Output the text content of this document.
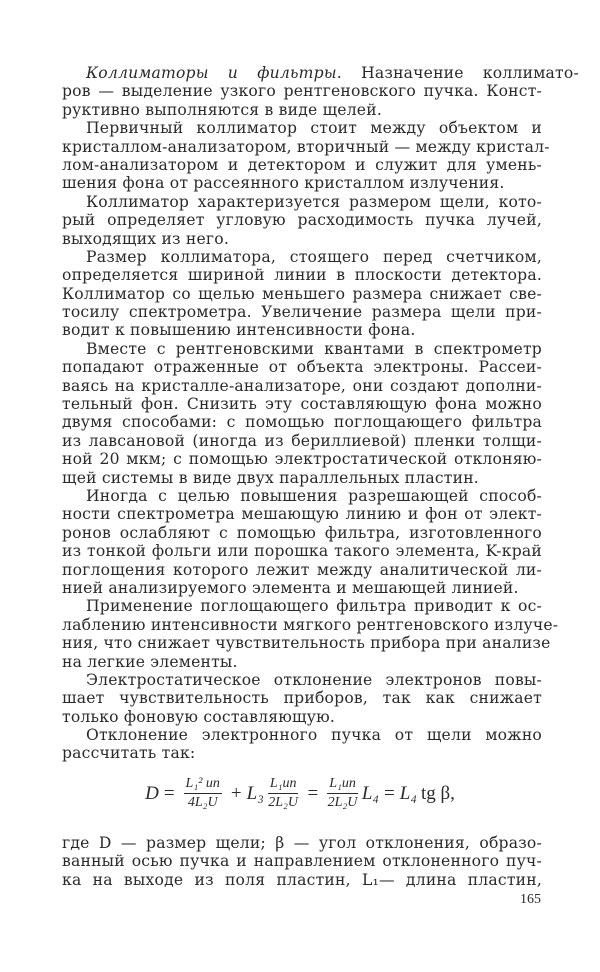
Коллиматоры и фильтры. Назначение коллимато-
ров — выделение узкого рентгеновского пучка. Конст-
руктивно выполняются в виде щелей.
Первичный коллиматор стоит между объектом и
кристаллом-анализатором, вторичный — между кристал-
лом-анализатором и детектором и служит для умень-
шения фона от рассеянного кристаллом излучения.
Коллиматор характеризуется размером щели, кото-
рый определяет угловую расходимость пучка лучей,
выходящих из него.
Размер коллиматора, стоящего перед счетчиком,
определяется шириной линии в плоскости детектора.
Коллиматор со щелью меньшего размера снижает све-
тосилу спектрометра. Увеличение размера щели при-
водит к повышению интенсивности фона.
Вместе с рентгеновскими квантами в спектрометр
попадают отраженные от объекта электроны. Рассеи-
ваясь на кристалле-анализаторе, они создают дополни-
тельный фон. Снизить эту составляющую фона можно
двумя способами: с помощью поглощающего фильтра
из лавсановой (иногда из бериллиевой) пленки толщи-
ной 20 мкм; с помощью электростатической отклоняю-
щей системы в виде двух параллельных пластин.
Иногда с целью повышения разрешающей способ-
ности спектрометра мешающую линию и фон от элект-
ронов ослабляют с помощью фильтра, изготовленного
из тонкой фольги или порошка такого элемента, K-край
поглощения которого лежит между аналитической ли-
нией анализируемого элемента и мешающей линией.
Применение поглощающего фильтра приводит к ос-
лаблению интенсивности мягкого рентгеновского излуче-
ния, что снижает чувствительность прибора при анализе
на легкие элементы.
Электростатическое отклонение электронов повы-
шает чувствительность приборов, так как снижает
только фоновую составляющую.
Отклонение электронного пучка от щели можно
рассчитать так:
$D = \frac{\text{L₁² uп}}{\text{4L₂U}} + L_3 \frac{\text{L₁uп}}{\text{2L₂U}} = \frac{\text{L₁uп}}{\text{2L₂U}} L_4 = L_4$ tg β,
где D — размер щели; β — угол отклонения, образо-
ванный осью пучка и направлением отклоненного пуч-
ка на выходе из поля пластин, L₁— длина пластин,
165
